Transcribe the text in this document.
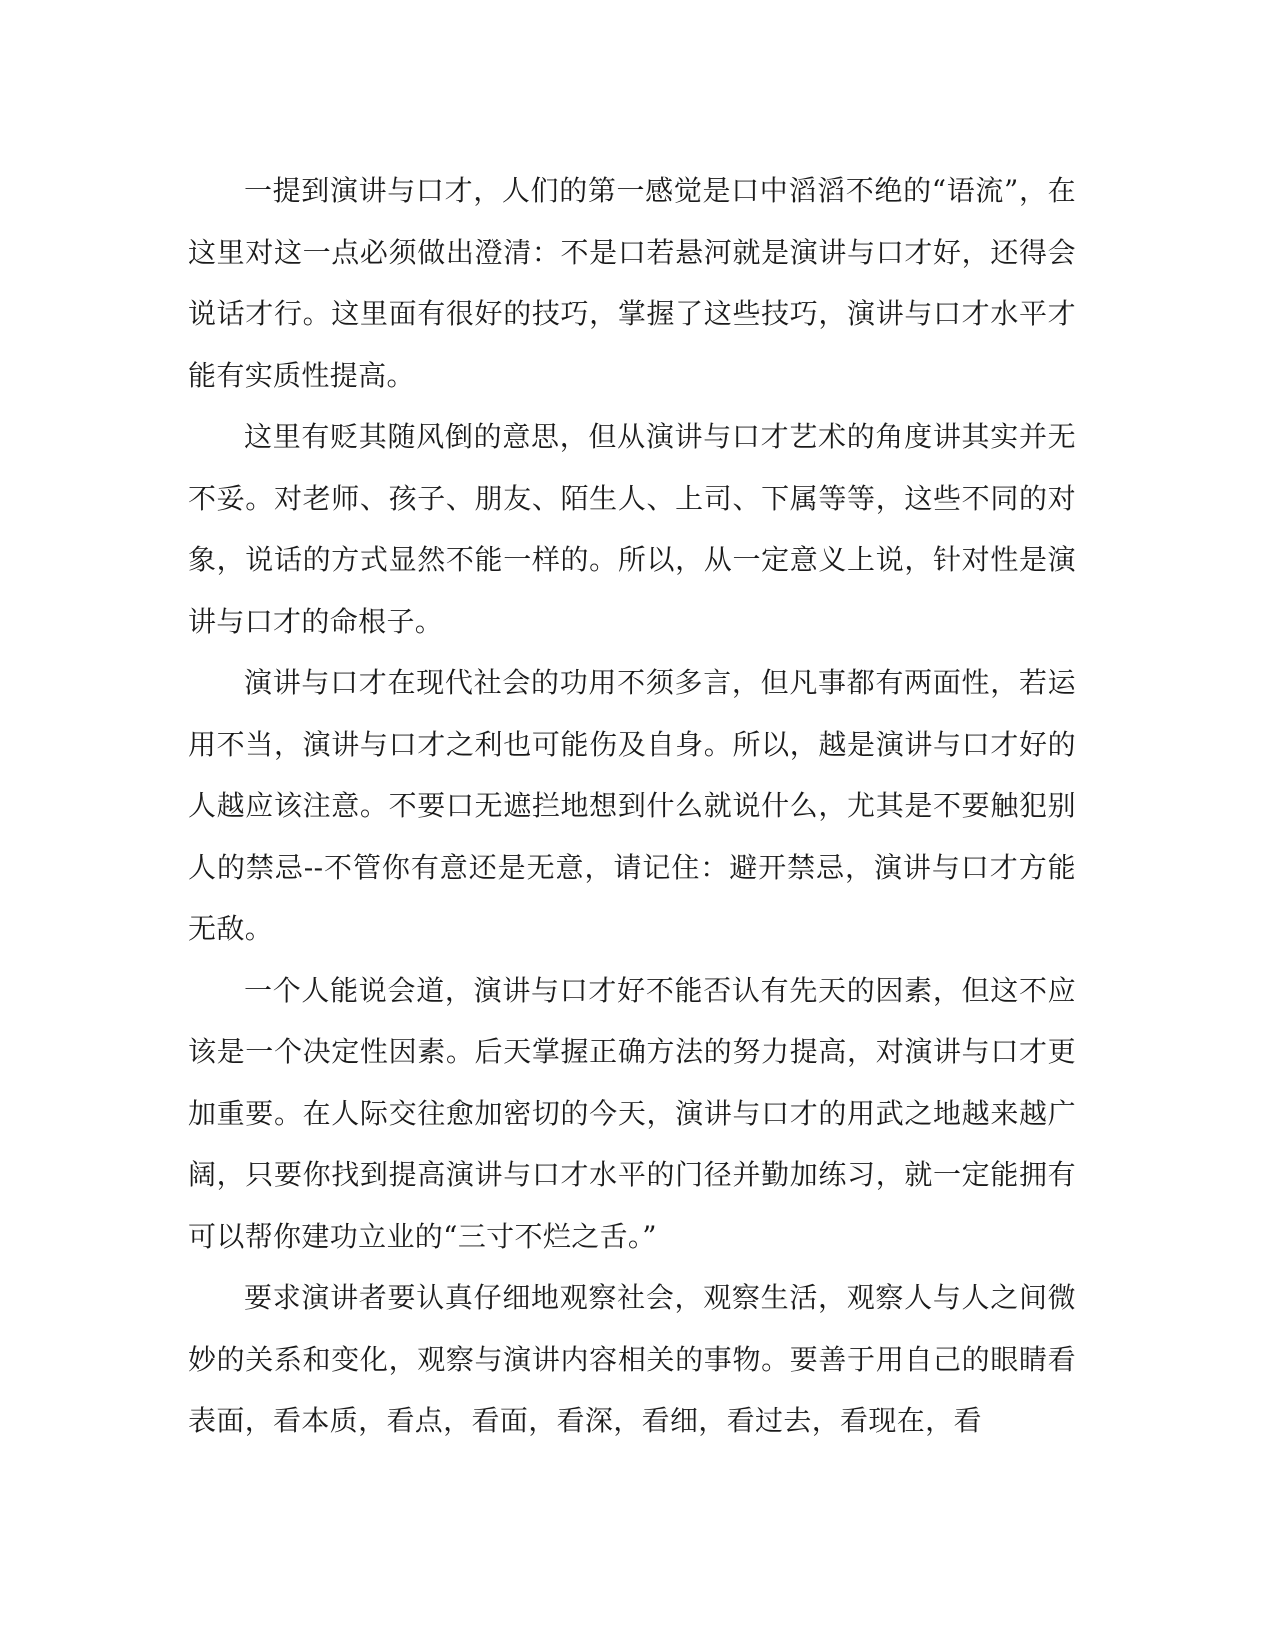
一提到演讲与口才，人们的第一感觉是口中滔滔不绝的“语流”，在这里对这一点必须做出澄清：不是口若悬河就是演讲与口才好，还得会说话才行。这里面有很好的技巧，掌握了这些技巧，演讲与口才水平才能有实质性提高。

这里有贬其随风倒的意思，但从演讲与口才艺术的角度讲其实并无不妥。对老师、孩子、朋友、陌生人、上司、下属等等，这些不同的对象，说话的方式显然不能一样的。所以，从一定意义上说，针对性是演讲与口才的命根子。

演讲与口才在现代社会的功用不须多言，但凡事都有两面性，若运用不当，演讲与口才之利也可能伤及自身。所以，越是演讲与口才好的人越应该注意。不要口无遮拦地想到什么就说什么，尤其是不要触犯别人的禁忌--不管你有意还是无意，请记住：避开禁忌，演讲与口才方能无敌。

一个人能说会道，演讲与口才好不能否认有先天的因素，但这不应该是一个决定性因素。后天掌握正确方法的努力提高，对演讲与口才更加重要。在人际交往愈加密切的今天，演讲与口才的用武之地越来越广阔，只要你找到提高演讲与口才水平的门径并勤加练习，就一定能拥有可以帮你建功立业的“三寸不烂之舌。”

要求演讲者要认真仔细地观察社会，观察生活，观察人与人之间微妙的关系和变化，观察与演讲内容相关的事物。要善于用自己的眼睛看表面，看本质，看点，看面，看深，看细，看过去，看现在，看
